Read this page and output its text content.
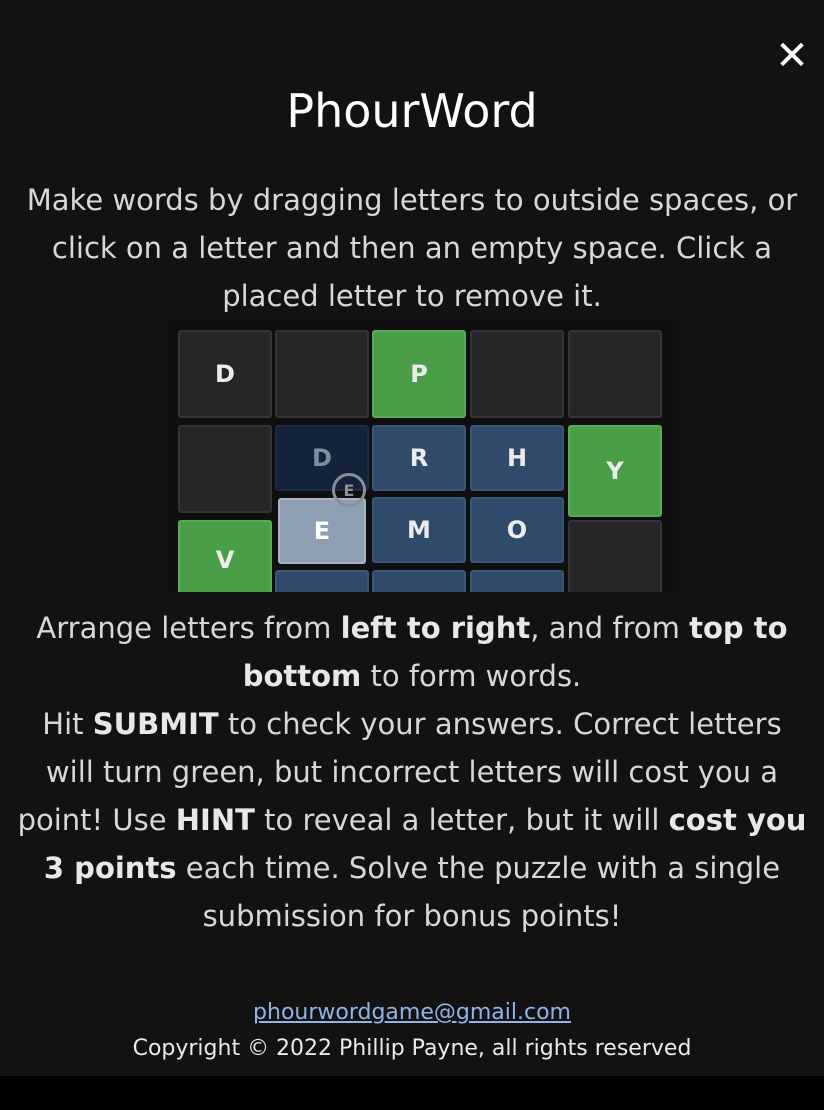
✕
PhourWord
Make words by dragging letters to outside spaces, or click on a letter and then an empty space. Click a placed letter to remove it.
D	P
D	R	H	Y
E	M	O
V
E
Arrange letters from left to right, and from top to bottom to form words.
Hit SUBMIT to check your answers. Correct letters will turn green, but incorrect letters will cost you a point! Use HINT to reveal a letter, but it will cost you 3 points each time. Solve the puzzle with a single submission for bonus points!
phourwordgame@gmail.com
Copyright © 2022 Phillip Payne, all rights reserved
